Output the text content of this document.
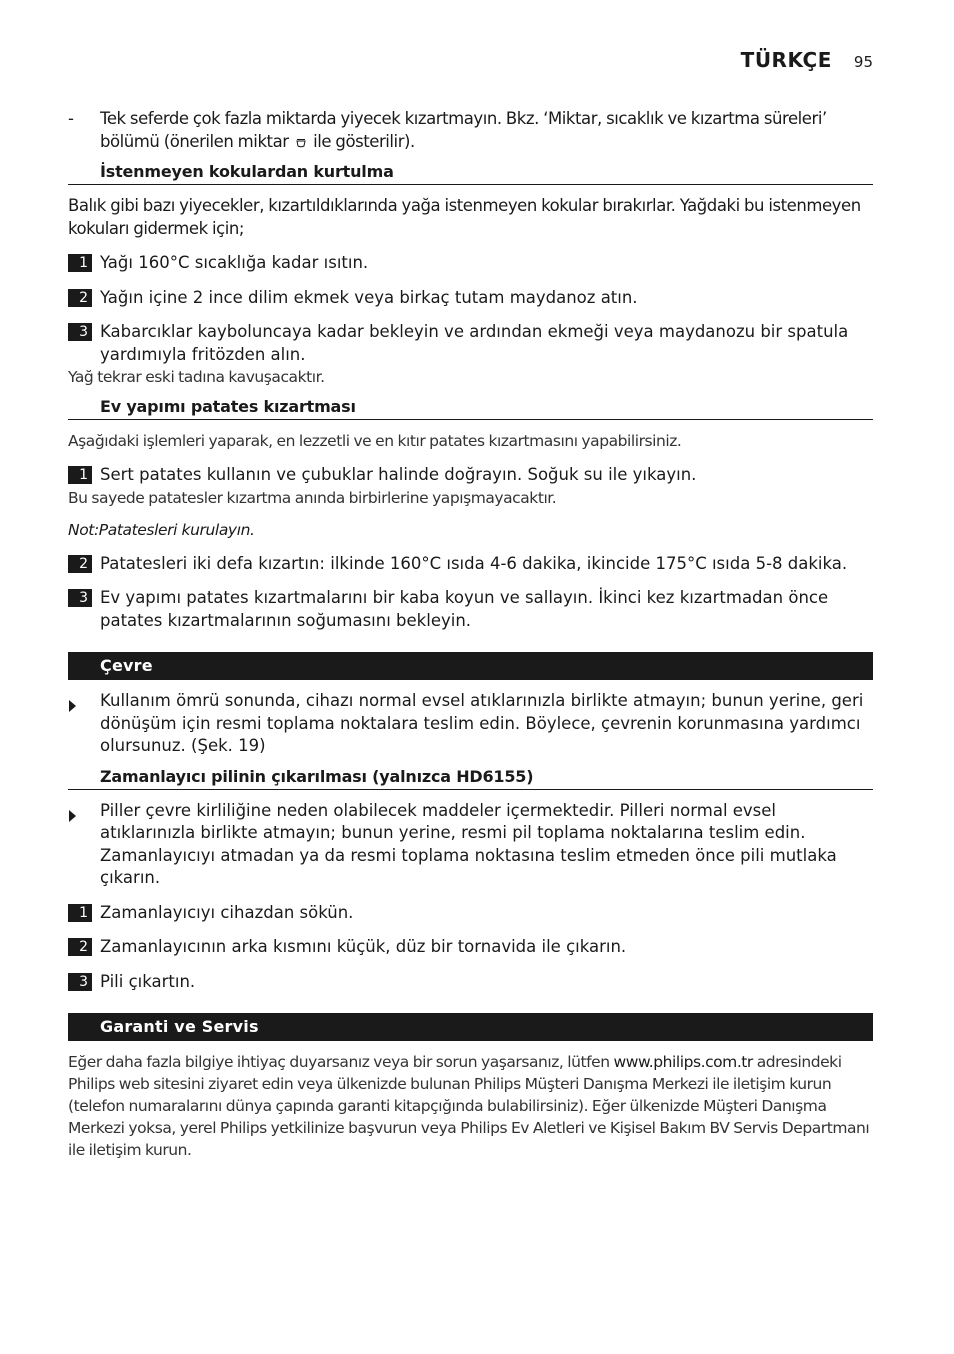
TÜRKÇE 95
-	Tek seferde çok fazla miktarda yiyecek kızartmayın. Bkz. ‘Miktar, sıcaklık ve kızartma süreleri’ bölümü (önerilen miktar ile gösterilir).
İstenmeyen kokulardan kurtulma
Balık gibi bazı yiyecekler, kızartıldıklarında yağa istenmeyen kokular bırakırlar. Yağdaki bu istenmeyen kokuları gidermek için;
1 Yağı 160°C sıcaklığa kadar ısıtın.
2 Yağın içine 2 ince dilim ekmek veya birkaç tutam maydanoz atın.
3 Kabarcıklar kayboluncaya kadar bekleyin ve ardından ekmeği veya maydanozu bir spatula yardımıyla fritözden alın.
Yağ tekrar eski tadına kavuşacaktır.
Ev yapımı patates kızartması
Aşağıdaki işlemleri yaparak, en lezzetli ve en kıtır patates kızartmasını yapabilirsiniz.
1 Sert patates kullanın ve çubuklar halinde doğrayın. Soğuk su ile yıkayın.
Bu sayede patatesler kızartma anında birbirlerine yapışmayacaktır.
Not:Patatesleri kurulayın.
2 Patatesleri iki defa kızartın: ilkinde 160°C ısıda 4-6 dakika, ikincide 175°C ısıda 5-8 dakika.
3 Ev yapımı patates kızartmalarını bir kaba koyun ve sallayın. İkinci kez kızartmadan önce patates kızartmalarının soğumasını bekleyin.
Çevre
Kullanım ömrü sonunda, cihazı normal evsel atıklarınızla birlikte atmayın; bunun yerine, geri dönüşüm için resmi toplama noktalara teslim edin. Böylece, çevrenin korunmasına yardımcı olursunuz. (Şek. 19)
Zamanlayıcı pilinin çıkarılması (yalnızca HD6155)
Piller çevre kirliliğine neden olabilecek maddeler içermektedir. Pilleri normal evsel atıklarınızla birlikte atmayın; bunun yerine, resmi pil toplama noktalarına teslim edin. Zamanlayıcıyı atmadan ya da resmi toplama noktasına teslim etmeden önce pili mutlaka çıkarın.
1 Zamanlayıcıyı cihazdan sökün.
2 Zamanlayıcının arka kısmını küçük, düz bir tornavida ile çıkarın.
3 Pili çıkartın.
Garanti ve Servis
Eğer daha fazla bilgiye ihtiyaç duyarsanız veya bir sorun yaşarsanız, lütfen www.philips.com.tr adresindeki Philips web sitesini ziyaret edin veya ülkenizde bulunan Philips Müşteri Danışma Merkezi ile iletişim kurun (telefon numaralarını dünya çapında garanti kitapçığında bulabilirsiniz). Eğer ülkenizde Müşteri Danışma Merkezi yoksa, yerel Philips yetkilinize başvurun veya Philips Ev Aletleri ve Kişisel Bakım BV Servis Departmanı ile iletişim kurun.
